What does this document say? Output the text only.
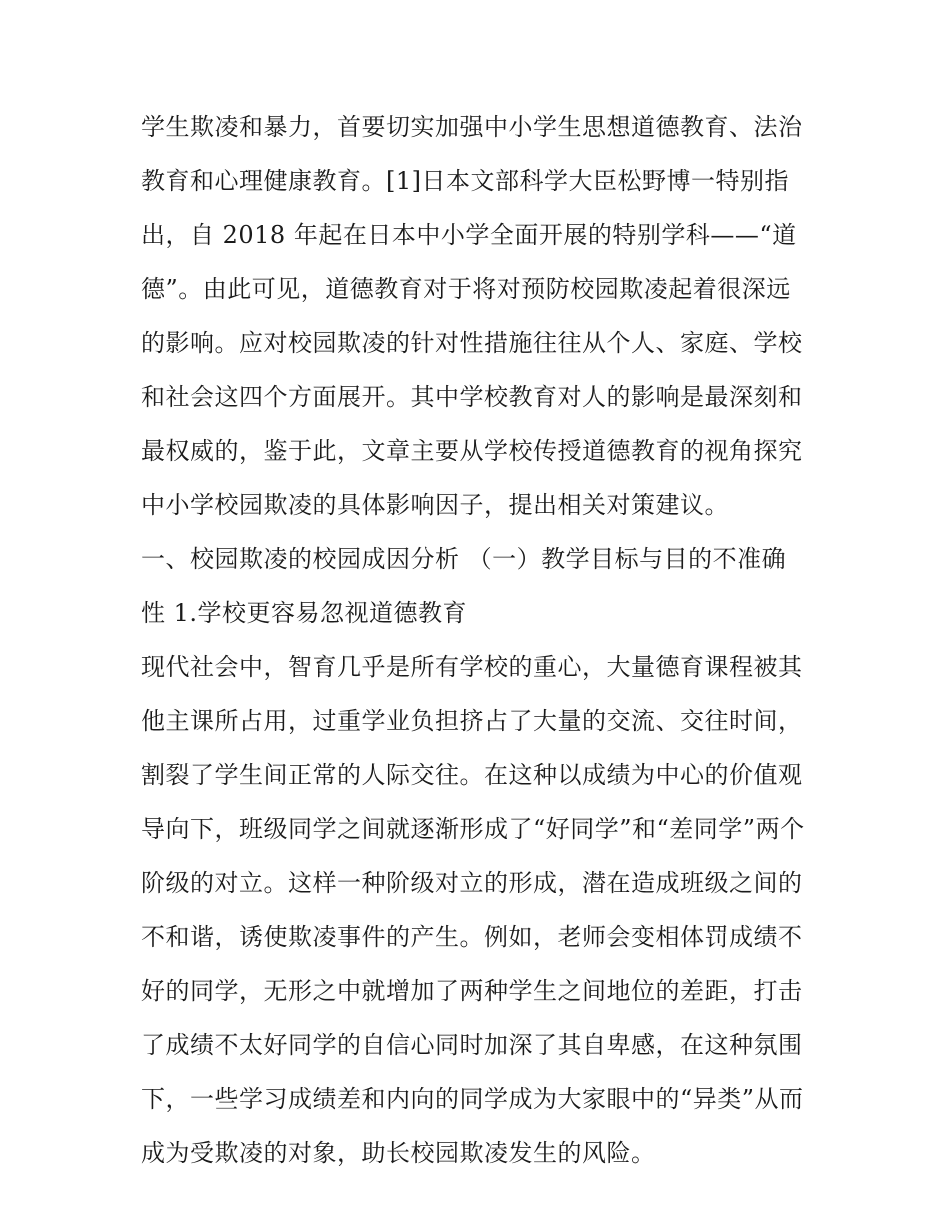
学生欺凌和暴力，首要切实加强中小学生思想道德教育、法治
教育和心理健康教育。[1]日本文部科学大臣松野博一特别指
出，自 2018 年起在日本中小学全面开展的特别学科——“道
德”。由此可见，道德教育对于将对预防校园欺凌起着很深远
的影响。应对校园欺凌的针对性措施往往从个人、家庭、学校
和社会这四个方面展开。其中学校教育对人的影响是最深刻和
最权威的，鉴于此，文章主要从学校传授道德教育的视角探究
中小学校园欺凌的具体影响因子，提出相关对策建议。
一、校园欺凌的校园成因分析 （一）教学目标与目的不准确
性 1.学校更容易忽视道德教育
现代社会中，智育几乎是所有学校的重心，大量德育课程被其
他主课所占用，过重学业负担挤占了大量的交流、交往时间，
割裂了学生间正常的人际交往。在这种以成绩为中心的价值观
导向下，班级同学之间就逐渐形成了“好同学”和“差同学”两个
阶级的对立。这样一种阶级对立的形成，潜在造成班级之间的
不和谐，诱使欺凌事件的产生。例如，老师会变相体罚成绩不
好的同学，无形之中就增加了两种学生之间地位的差距，打击
了成绩不太好同学的自信心同时加深了其自卑感，在这种氛围
下，一些学习成绩差和内向的同学成为大家眼中的“异类”从而
成为受欺凌的对象，助长校园欺凌发生的风险。
